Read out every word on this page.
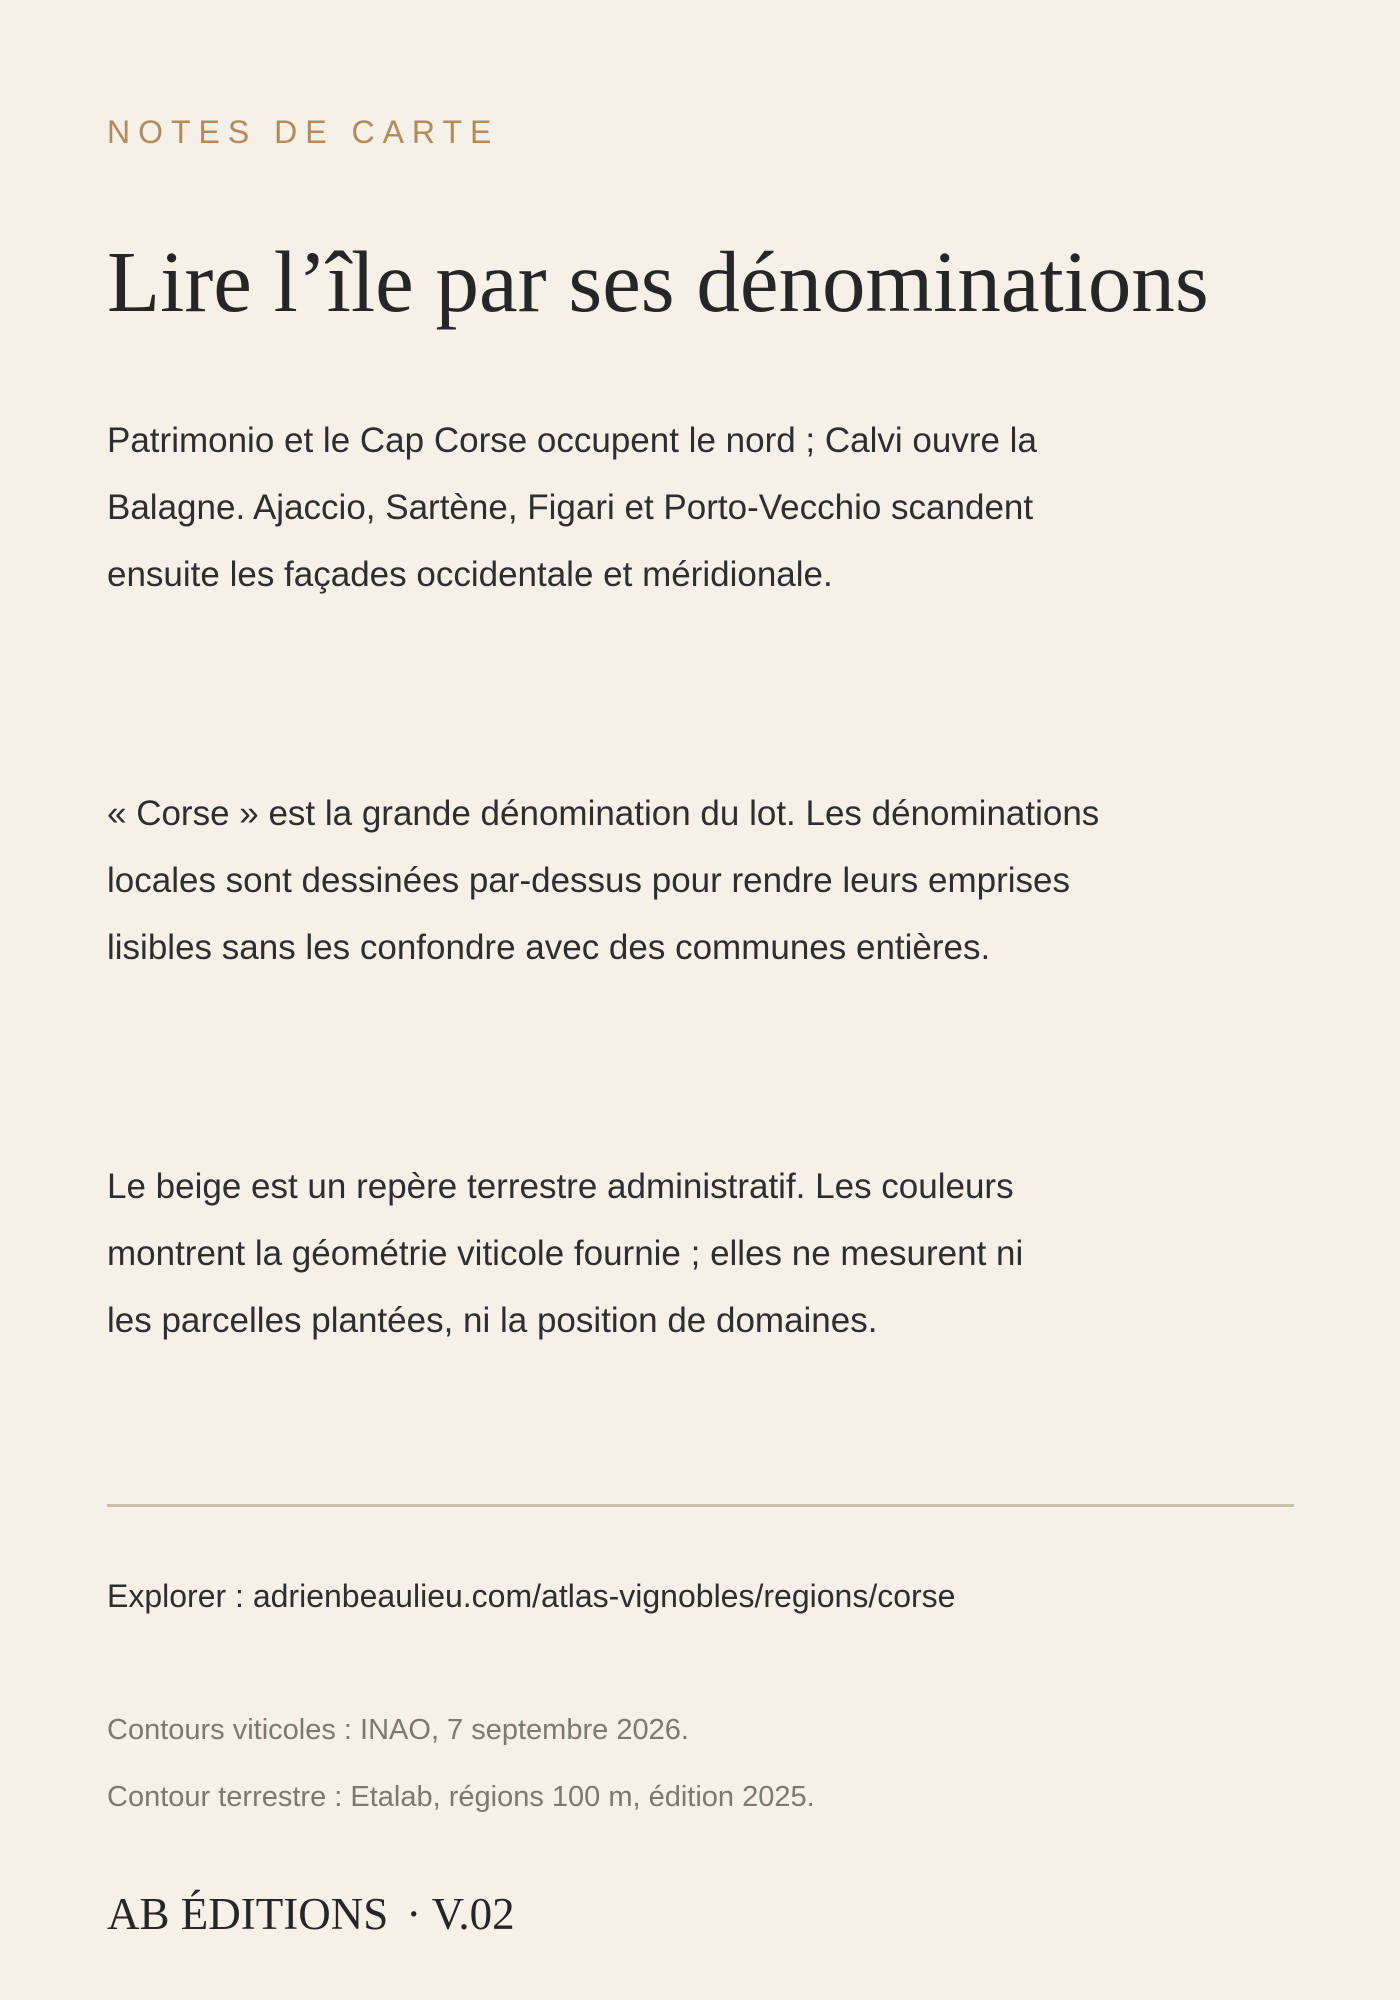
NOTES DE CARTE
Lire l’île par ses dénominations

Patrimonio et le Cap Corse occupent le nord ; Calvi ouvre la
Balagne. Ajaccio, Sartène, Figari et Porto-Vecchio scandent
ensuite les façades occidentale et méridionale.

« Corse » est la grande dénomination du lot. Les dénominations
locales sont dessinées par-dessus pour rendre leurs emprises
lisibles sans les confondre avec des communes entières.

Le beige est un repère terrestre administratif. Les couleurs
montrent la géométrie viticole fournie ; elles ne mesurent ni
les parcelles plantées, ni la position de domaines.

Explorer : adrienbeaulieu.com/atlas-vignobles/regions/corse
Contours viticoles : INAO, 7 septembre 2026.
Contour terrestre : Etalab, régions 100 m, édition 2025.
AB ÉDITIONS · V.02
